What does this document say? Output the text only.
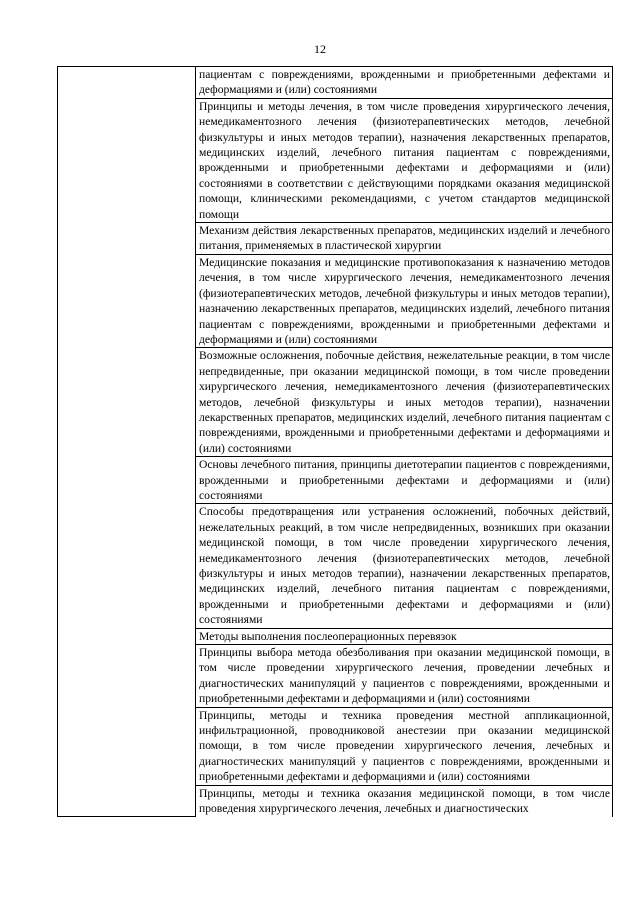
12
	пациентам с повреждениями, врожденными и приобретенными дефектами и деформациями и (или) состояниями
Принципы и методы лечения, в том числе проведения хирургического лечения, немедикаментозного лечения (физиотерапевтических методов, лечебной физкультуры и иных методов терапии), назначения лекарственных препаратов, медицинских изделий, лечебного питания пациентам с повреждениями, врожденными и приобретенными дефектами и деформациями и (или) состояниями в соответствии с действующими порядками оказания медицинской помощи, клиническими рекомендациями, с учетом стандартов медицинской помощи
Механизм действия лекарственных препаратов, медицинских изделий и лечебного питания, применяемых в пластической хирургии
Медицинские показания и медицинские противопоказания к назначению методов лечения, в том числе хирургического лечения, немедикаментозного лечения (физиотерапевтических методов, лечебной физкультуры и иных методов терапии), назначению лекарственных препаратов, медицинских изделий, лечебного питания пациентам с повреждениями, врожденными и приобретенными дефектами и деформациями и (или) состояниями
Возможные осложнения, побочные действия, нежелательные реакции, в том числе непредвиденные, при оказании медицинской помощи, в том числе проведении хирургического лечения, немедикаментозного лечения (физиотерапевтических методов, лечебной физкультуры и иных методов терапии), назначении лекарственных препаратов, медицинских изделий, лечебного питания пациентам с повреждениями, врожденными и приобретенными дефектами и деформациями и (или) состояниями
Основы лечебного питания, принципы диетотерапии пациентов с повреждениями, врожденными и приобретенными дефектами и деформациями и (или) состояниями
Способы предотвращения или устранения осложнений, побочных действий, нежелательных реакций, в том числе непредвиденных, возникших при оказании медицинской помощи, в том числе проведении хирургического лечения, немедикаментозного лечения (физиотерапевтических методов, лечебной физкультуры и иных методов терапии), назначении лекарственных препаратов, медицинских изделий, лечебного питания пациентам с повреждениями, врожденными и приобретенными дефектами и деформациями и (или) состояниями
Методы выполнения послеоперационных перевязок
Принципы выбора метода обезболивания при оказании медицинской помощи, в том числе проведении хирургического лечения, проведении лечебных и диагностических манипуляций у пациентов с повреждениями, врожденными и приобретенными дефектами и деформациями и (или) состояниями
Принципы, методы и техника проведения местной аппликационной, инфильтрационной, проводниковой анестезии при оказании медицинской помощи, в том числе проведении хирургического лечения, лечебных и диагностических манипуляций у пациентов с повреждениями, врожденными и приобретенными дефектами и деформациями и (или) состояниями
Принципы, методы и техника оказания медицинской помощи, в том числе проведения хирургического лечения, лечебных и диагностических
